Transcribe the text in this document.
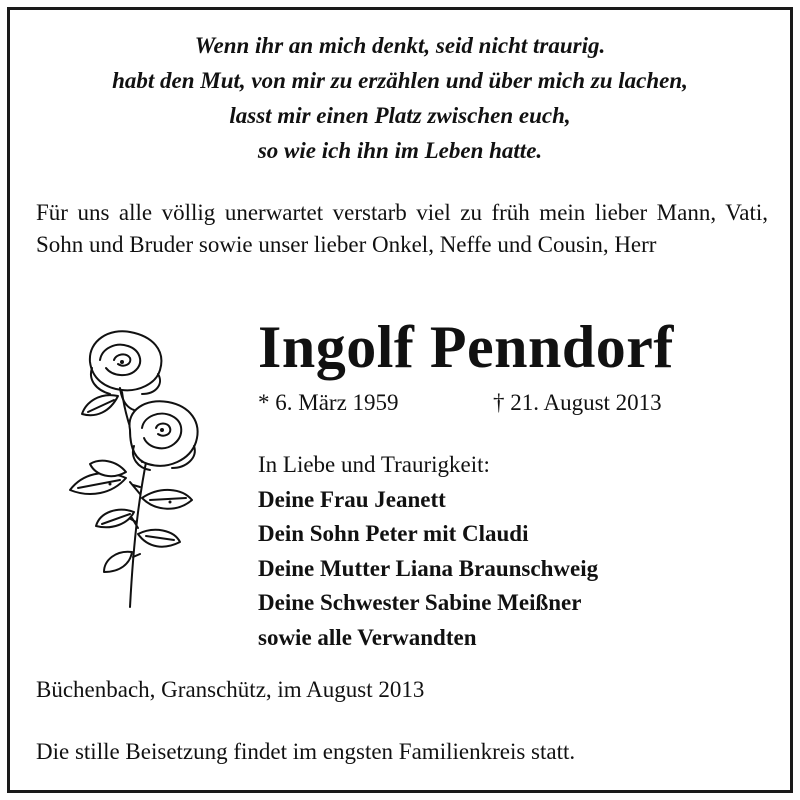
Wenn ihr an mich denkt, seid nicht traurig.
habt den Mut, von mir zu erzählen und über mich zu lachen,
lasst mir einen Platz zwischen euch,
so wie ich ihn im Leben hatte.
Für uns alle völlig unerwartet verstarb viel zu früh mein lieber Mann, Vati, Sohn und Bruder sowie unser lieber Onkel, Neffe und Cousin, Herr
Ingolf Penndorf
* 6. März 1959	† 21. August 2013
In Liebe und Traurigkeit:
Deine Frau Jeanett
Dein Sohn Peter mit Claudi
Deine Mutter Liana Braunschweig
Deine Schwester Sabine Meißner
sowie alle Verwandten
Büchenbach, Granschütz, im August 2013
Die stille Beisetzung findet im engsten Familienkreis statt.
